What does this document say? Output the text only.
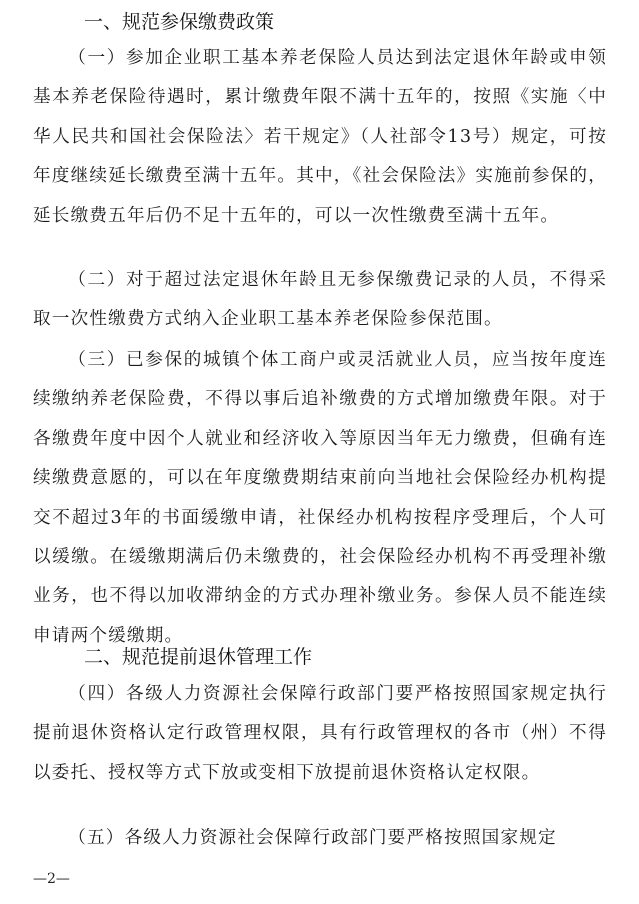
一、规范参保缴费政策

（一）参加企业职工基本养老保险人员达到法定退休年龄或申领基本养老保险待遇时，累计缴费年限不满十五年的，按照《实施〈中华人民共和国社会保险法〉若干规定》（人社部令13号）规定，可按年度继续延长缴费至满十五年。其中，《社会保险法》实施前参保的，延长缴费五年后仍不足十五年的，可以一次性缴费至满十五年。

（二）对于超过法定退休年龄且无参保缴费记录的人员，不得采取一次性缴费方式纳入企业职工基本养老保险参保范围。

（三）已参保的城镇个体工商户或灵活就业人员，应当按年度连续缴纳养老保险费，不得以事后追补缴费的方式增加缴费年限。对于各缴费年度中因个人就业和经济收入等原因当年无力缴费，但确有连续缴费意愿的，可以在年度缴费期结束前向当地社会保险经办机构提交不超过3年的书面缓缴申请，社保经办机构按程序受理后，个人可以缓缴。在缓缴期满后仍未缴费的，社会保险经办机构不再受理补缴业务，也不得以加收滞纳金的方式办理补缴业务。参保人员不能连续申请两个缓缴期。

二、规范提前退休管理工作

（四）各级人力资源社会保障行政部门要严格按照国家规定执行提前退休资格认定行政管理权限，具有行政管理权的各市（州）不得以委托、授权等方式下放或变相下放提前退休资格认定权限。

（五）各级人力资源社会保障行政部门要严格按照国家规定

—2—
